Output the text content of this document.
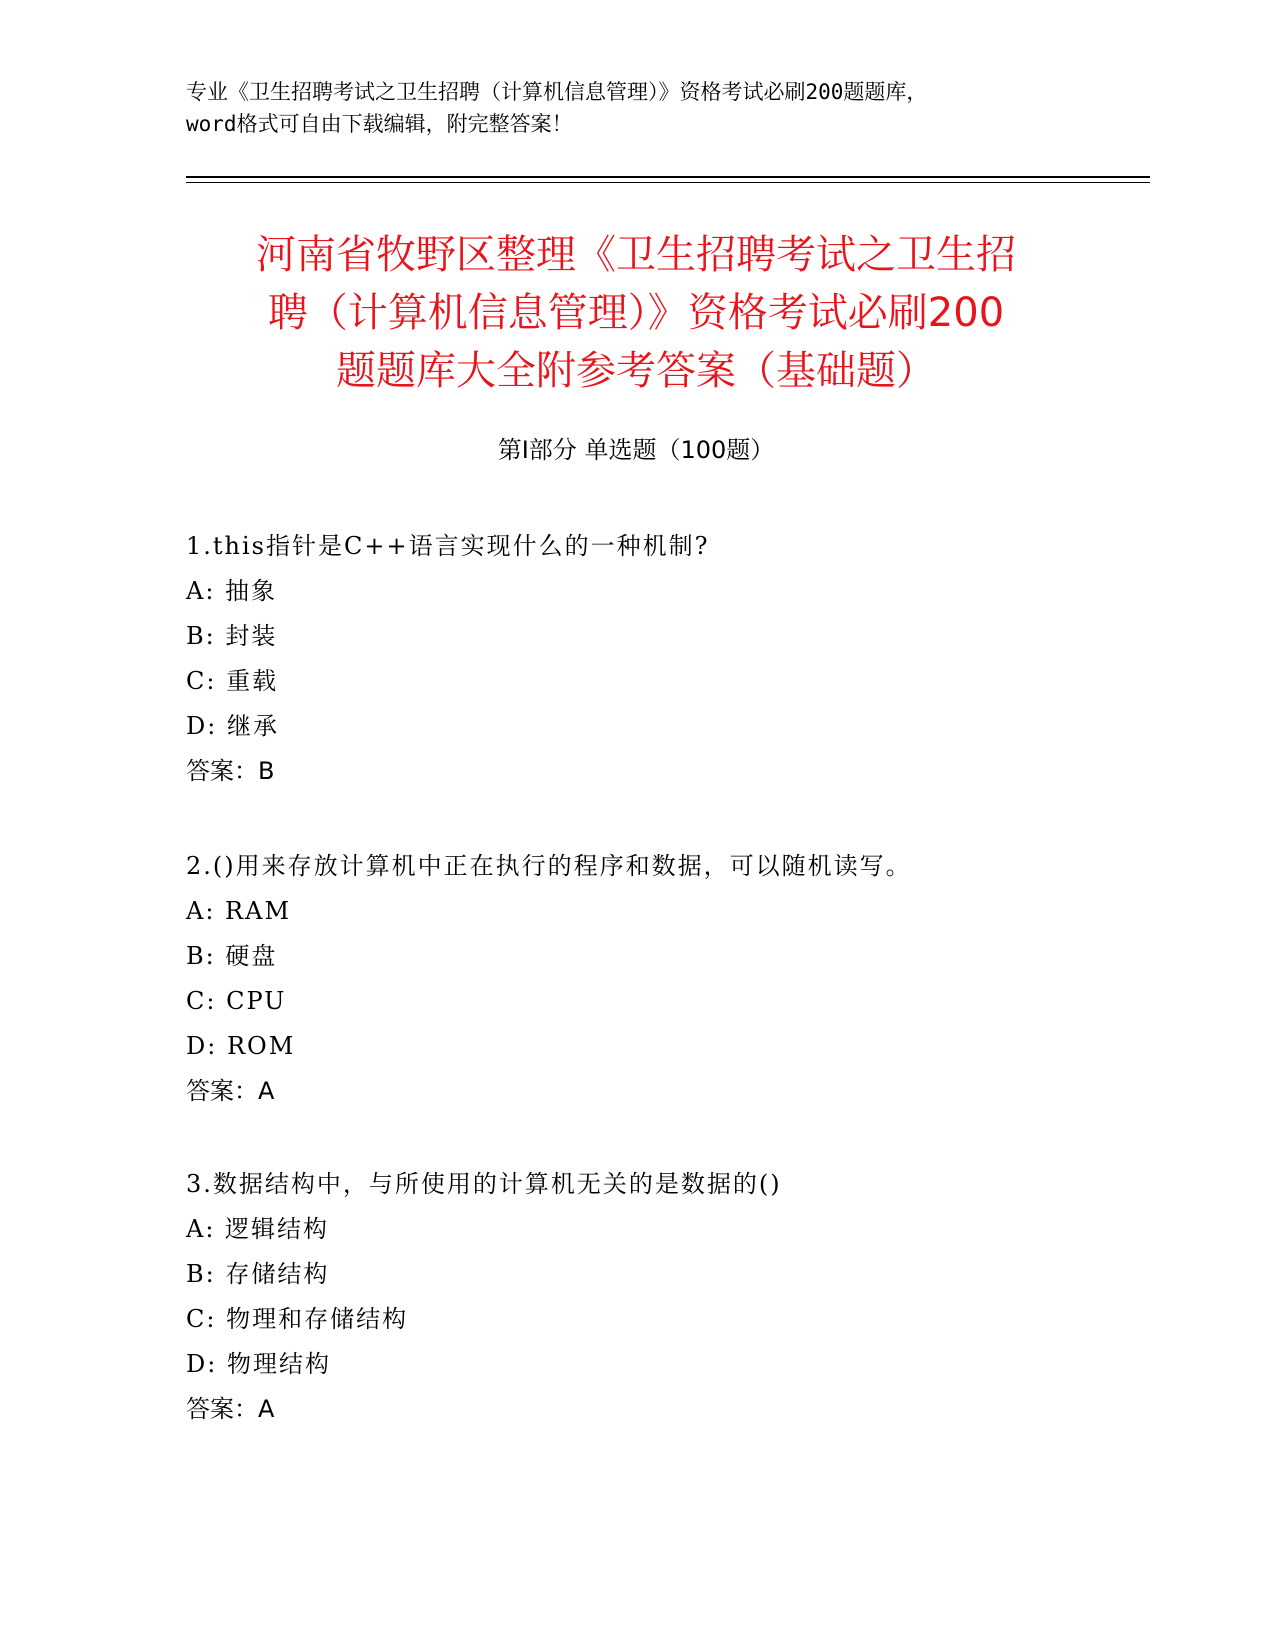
专业《卫生招聘考试之卫生招聘（计算机信息管理）》资格考试必刷200题题库，
word格式可自由下载编辑，附完整答案！
河南省牧野区整理《卫生招聘考试之卫生招
聘（计算机信息管理）》资格考试必刷200
题题库大全附参考答案（基础题）
第Ⅰ部分 单选题（100题）
1.this指针是C++语言实现什么的一种机制?
A: 抽象
B: 封装
C: 重载
D: 继承
答案：B
2.()用来存放计算机中正在执行的程序和数据，可以随机读写。
A: RAM
B: 硬盘
C: CPU
D: ROM
答案：A
3.数据结构中，与所使用的计算机无关的是数据的()
A: 逻辑结构
B: 存储结构
C: 物理和存储结构
D: 物理结构
答案：A
